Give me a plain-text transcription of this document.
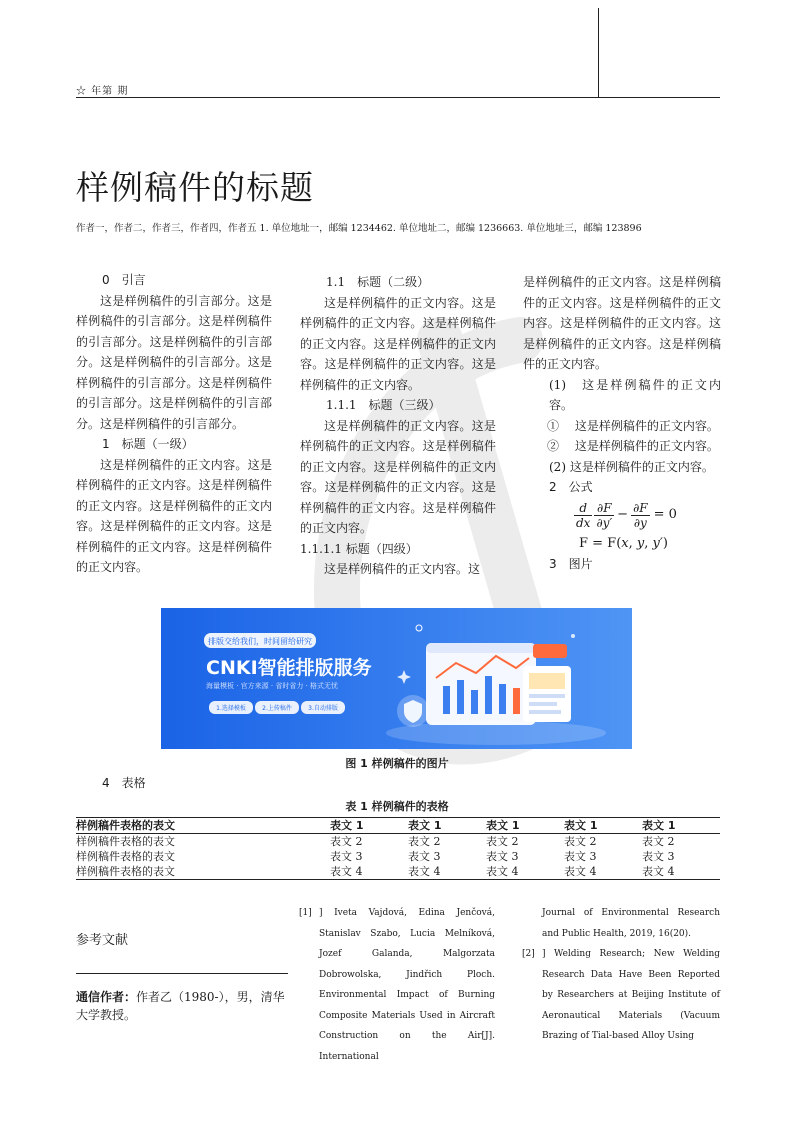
☆ 年第 期
样例稿件的标题
作者一，作者二，作者三，作者四，作者五 1. 单位地址一，邮编 1234462. 单位地址二，邮编 1236663. 单位地址三，邮编 123896

0　引言

这是样例稿件的引言部分。这是样例稿件的引言部分。这是样例稿件的引言部分。这是样例稿件的引言部分。这是样例稿件的引言部分。这是样例稿件的引言部分。这是样例稿件的引言部分。这是样例稿件的引言部分。这是样例稿件的引言部分。

1　标题（一级）

这是样例稿件的正文内容。这是样例稿件的正文内容。这是样例稿件的正文内容。这是样例稿件的正文内容。这是样例稿件的正文内容。这是样例稿件的正文内容。这是样例稿件的正文内容。

1.1　标题（二级）

这是样例稿件的正文内容。这是样例稿件的正文内容。这是样例稿件的正文内容。这是样例稿件的正文内容。这是样例稿件的正文内容。这是样例稿件的正文内容。

1.1.1　标题（三级）

这是样例稿件的正文内容。这是样例稿件的正文内容。这是样例稿件的正文内容。这是样例稿件的正文内容。这是样例稿件的正文内容。这是样例稿件的正文内容。这是样例稿件的正文内容。

1.1.1.1 标题（四级）

这是样例稿件的正文内容。这

是样例稿件的正文内容。这是样例稿件的正文内容。这是样例稿件的正文内容。这是样例稿件的正文内容。这是样例稿件的正文内容。这是样例稿件的正文内容。

(1)　这是样例稿件的正文内容。

①　 这是样例稿件的正文内容。

②　 这是样例稿件的正文内容。

(2) 这是样例稿件的正文内容。

2　公式

$\frac{d}{dx} \frac{\partial F}{\partial y'} - \frac{\partial F}{\partial y} = 0$
F = F(x, y, y′)

3　图片

排版交给我们，时间留给研究
CNKI智能排版服务
海量模板 · 官方来源 · 省时省力 · 格式无忧
1.选择模板	2.上传稿件	3.自动排版
图 1 样例稿件的图片
4　表格
表 1 样例稿件的表格
样例稿件表格的表文	表文 1	表文 1	表文 1	表文 1	表文 1
样例稿件表格的表文	表文 2	表文 2	表文 2	表文 2	表文 2
样例稿件表格的表文	表文 3	表文 3	表文 3	表文 3	表文 3
样例稿件表格的表文	表文 4	表文 4	表文 4	表文 4	表文 4
参考文献
通信作者：作者乙（1980-），男，清华大学教授。
[1] ] Iveta Vajdová, Edina Jenčová, Stanislav Szabo, Lucia Melníková, Jozef Galanda, Malgorzata Dobrowolska, Jindřich Ploch. Environmental Impact of Burning Composite Materials Used in Aircraft Construction on the Air[J]. International
Journal of Environmental Research and Public Health, 2019, 16(20).
[2] ] Welding Research; New Welding Research Data Have Been Reported by Researchers at Beijing Institute of Aeronautical Materials (Vacuum Brazing of Tial-based Alloy Using
